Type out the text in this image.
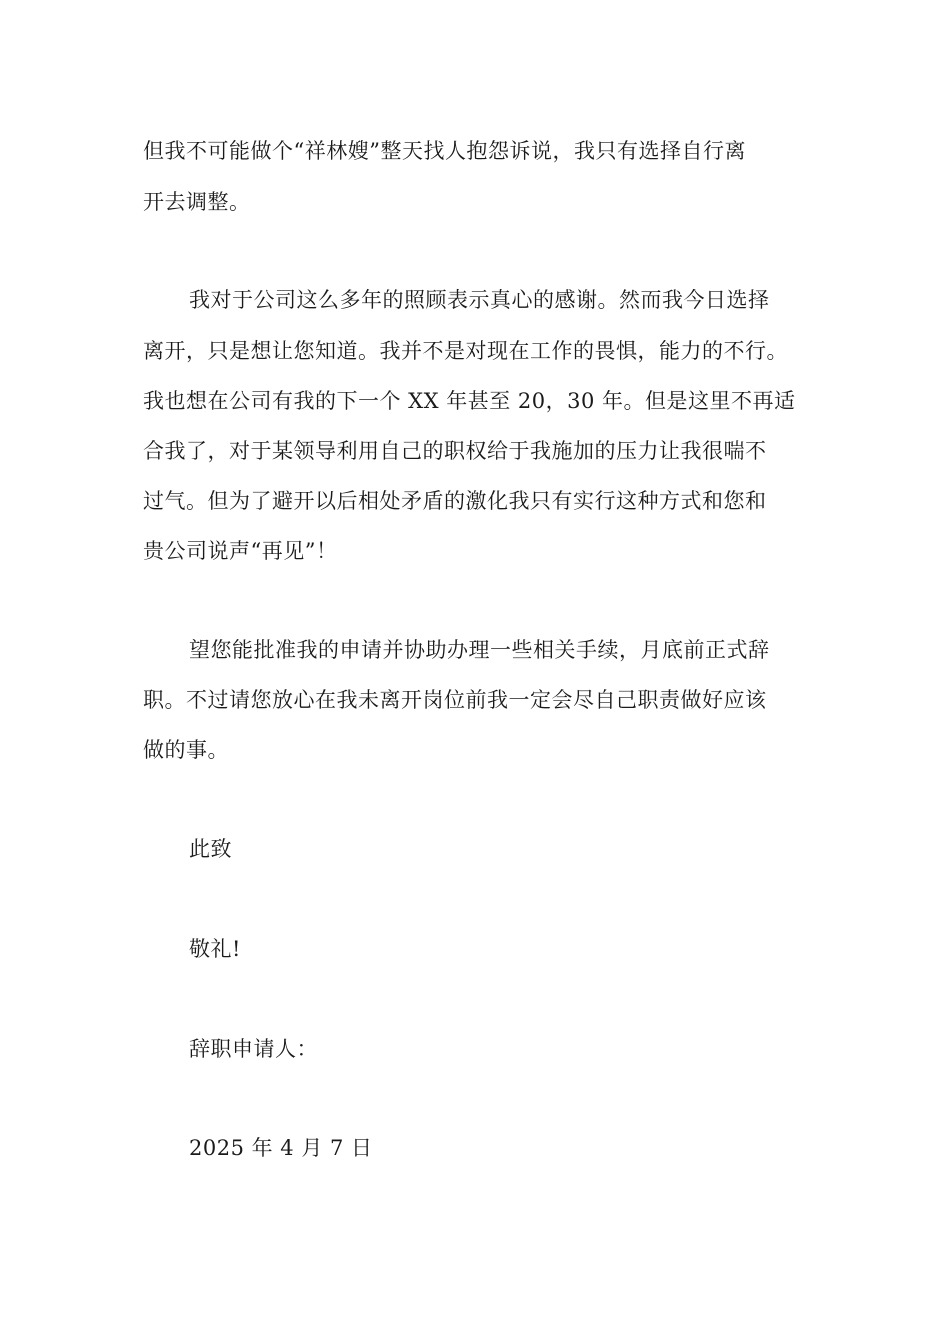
但我不可能做个“祥林嫂”整天找人抱怨诉说，我只有选择自行离
开去调整。
我对于公司这么多年的照顾表示真心的感谢。然而我今日选择
离开，只是想让您知道。我并不是对现在工作的畏惧，能力的不行。
我也想在公司有我的下一个 XX 年甚至 20，30 年。但是这里不再适
合我了，对于某领导利用自己的职权给于我施加的压力让我很喘不
过气。但为了避开以后相处矛盾的激化我只有实行这种方式和您和
贵公司说声“再见”！
望您能批准我的申请并协助办理一些相关手续，月底前正式辞
职。不过请您放心在我未离开岗位前我一定会尽自己职责做好应该
做的事。
此致
敬礼!
辞职申请人：
2025 年 4 月 7 日
